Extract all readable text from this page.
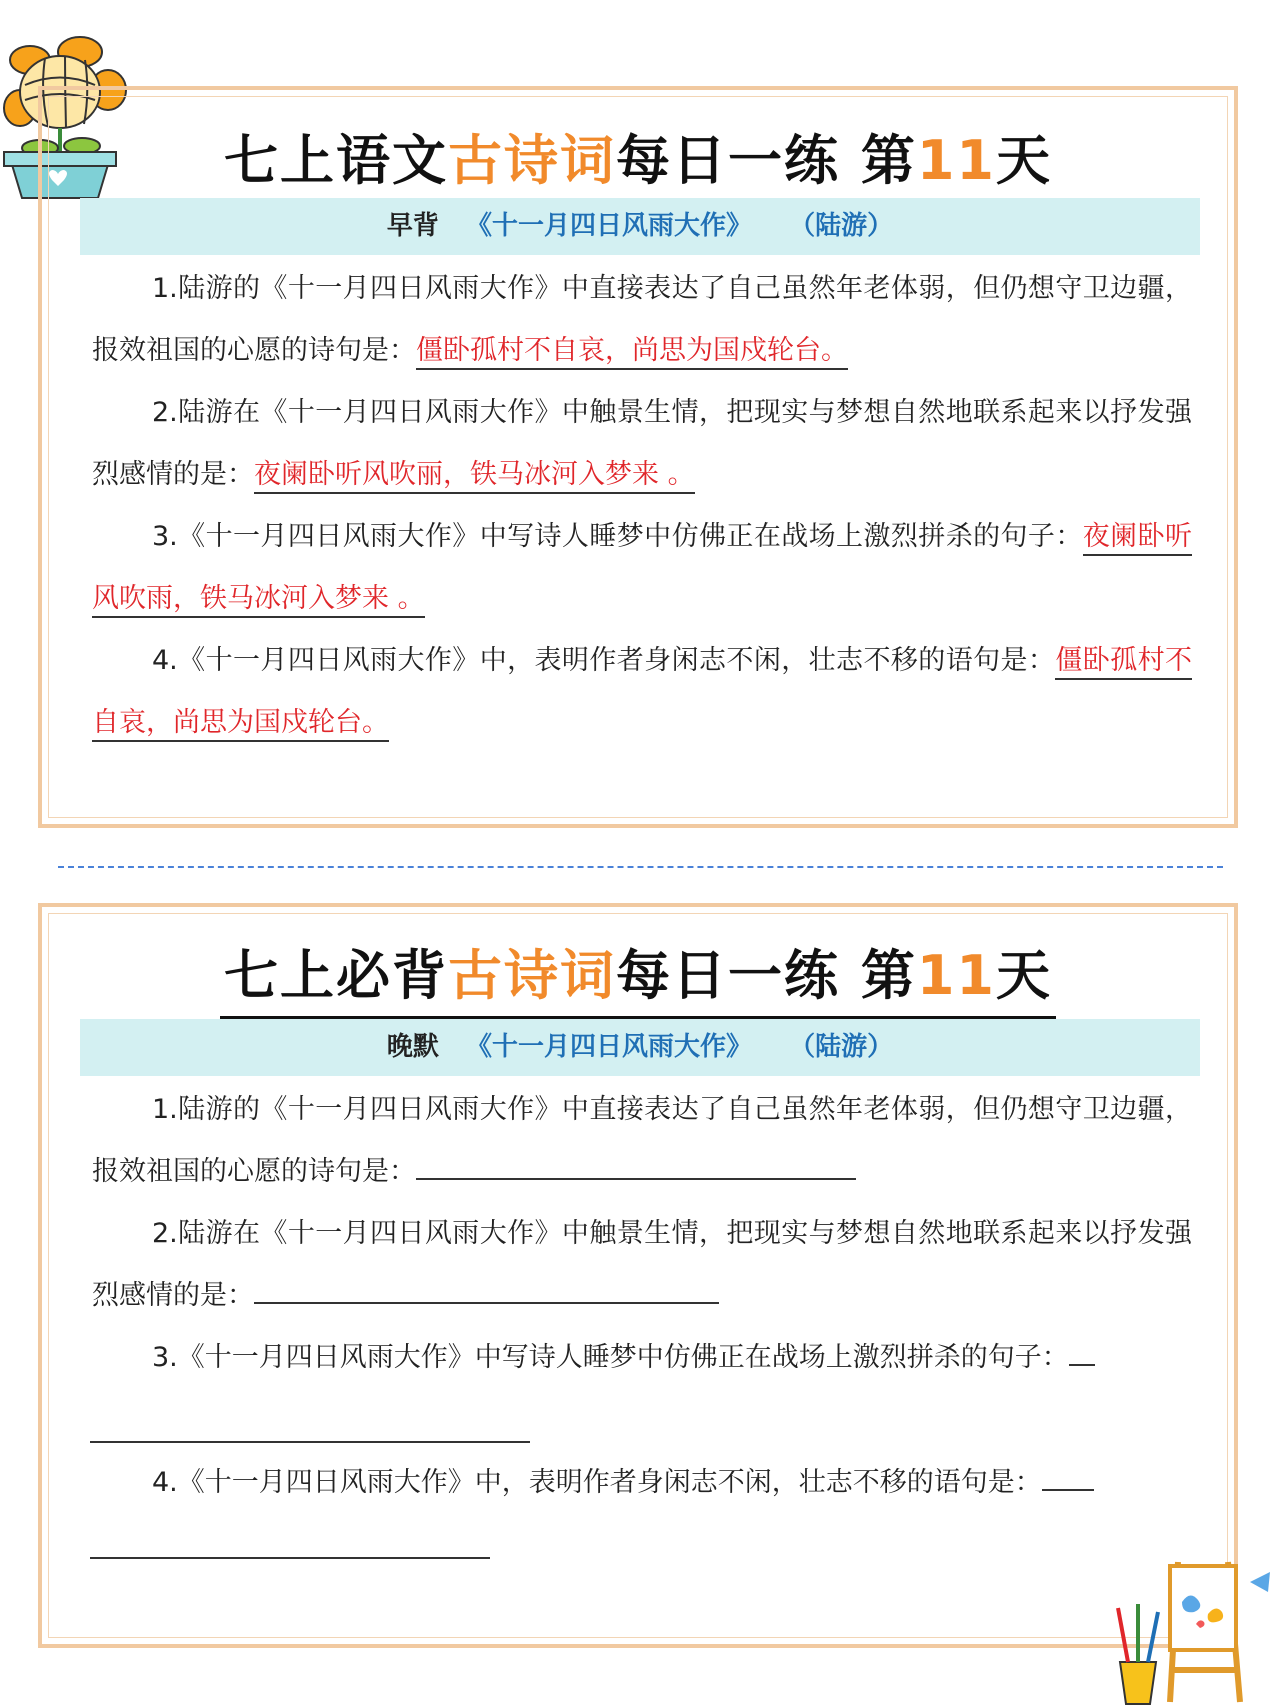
七上语文古诗词每日一练 第11天
早背 《十一月四日风雨大作》 （陆游）
1.陆游的《十一月四日风雨大作》中直接表达了自己虽然年老体弱，但仍想守卫边疆，报效祖国的心愿的诗句是：僵卧孤村不自哀，尚思为国戍轮台。
2.陆游在《十一月四日风雨大作》中触景生情，把现实与梦想自然地联系起来以抒发强烈感情的是：夜阑卧听风吹丽，铁马冰河入梦来 。
3.《十一月四日风雨大作》中写诗人睡梦中仿佛正在战场上激烈拼杀的句子：夜阑卧听风吹雨，铁马冰河入梦来 。
4.《十一月四日风雨大作》中，表明作者身闲志不闲，壮志不移的语句是：僵卧孤村不自哀，尚思为国戍轮台。
七上必背古诗词每日一练 第11天
晚默 《十一月四日风雨大作》 （陆游）
1.陆游的《十一月四日风雨大作》中直接表达了自己虽然年老体弱，但仍想守卫边疆，报效祖国的心愿的诗句是：
2.陆游在《十一月四日风雨大作》中触景生情，把现实与梦想自然地联系起来以抒发强烈感情的是：
3.《十一月四日风雨大作》中写诗人睡梦中仿佛正在战场上激烈拼杀的句子：
4.《十一月四日风雨大作》中，表明作者身闲志不闲，壮志不移的语句是：
